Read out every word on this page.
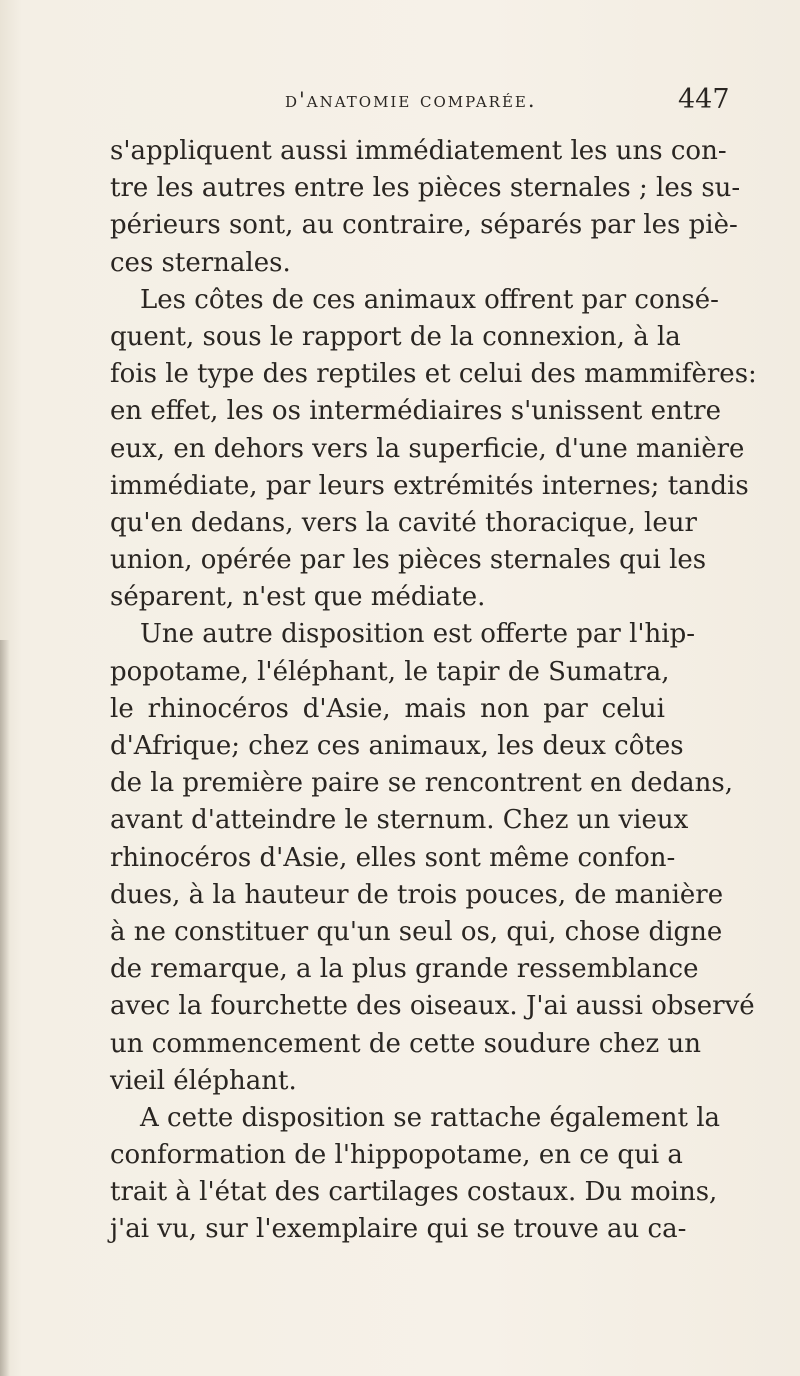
d'anatomie comparée.	447
s'appliquent aussi immédiatement les uns con-
tre les autres entre les pièces sternales ; les su-
périeurs sont, au contraire, séparés par les piè-
ces sternales.
Les côtes de ces animaux offrent par consé-
quent, sous le rapport de la connexion, à la
fois le type des reptiles et celui des mammifères:
en effet, les os intermédiaires s'unissent entre
eux, en dehors vers la superficie, d'une manière
immédiate, par leurs extrémités internes; tandis
qu'en dedans, vers la cavité thoracique, leur
union, opérée par les pièces sternales qui les
séparent, n'est que médiate.
Une autre disposition est offerte par l'hip-
popotame, l'éléphant, le tapir de Sumatra,
le rhinocéros d'Asie, mais non par celui
d'Afrique; chez ces animaux, les deux côtes
de la première paire se rencontrent en dedans,
avant d'atteindre le sternum. Chez un vieux
rhinocéros d'Asie, elles sont même confon-
dues, à la hauteur de trois pouces, de manière
à ne constituer qu'un seul os, qui, chose digne
de remarque, a la plus grande ressemblance
avec la fourchette des oiseaux. J'ai aussi observé
un commencement de cette soudure chez un
vieil éléphant.
A cette disposition se rattache également la
conformation de l'hippopotame, en ce qui a
trait à l'état des cartilages costaux. Du moins,
j'ai vu, sur l'exemplaire qui se trouve au ca-
